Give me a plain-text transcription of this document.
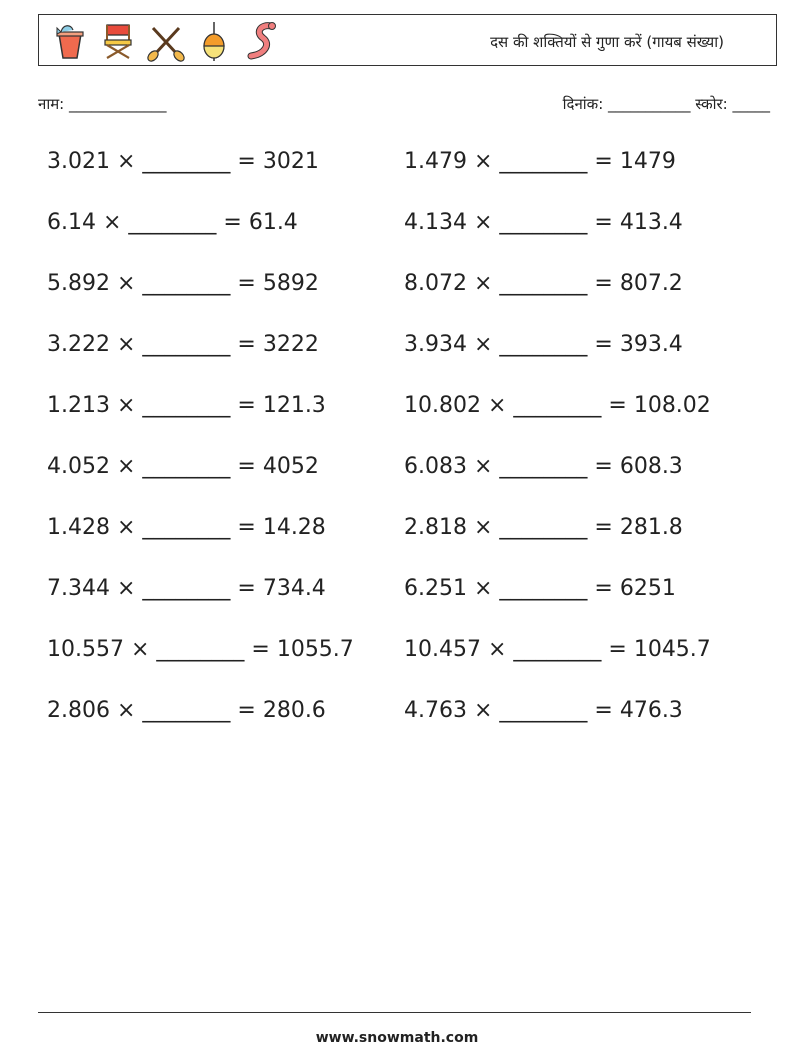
दस की शक्तियों से गुणा करें (गायब संख्या)
नाम: _____________	दिनांक: ___________ स्कोर: _____
3.021 × ________ = 3021	1.479 × ________ = 1479
6.14 × ________ = 61.4	4.134 × ________ = 413.4
5.892 × ________ = 5892	8.072 × ________ = 807.2
3.222 × ________ = 3222	3.934 × ________ = 393.4
1.213 × ________ = 121.3	10.802 × ________ = 108.02
4.052 × ________ = 4052	6.083 × ________ = 608.3
1.428 × ________ = 14.28	2.818 × ________ = 281.8
7.344 × ________ = 734.4	6.251 × ________ = 6251
10.557 × ________ = 1055.7 10.457 × ________ = 1045.7
2.806 × ________ = 280.6	4.763 × ________ = 476.3
www.snowmath.com
